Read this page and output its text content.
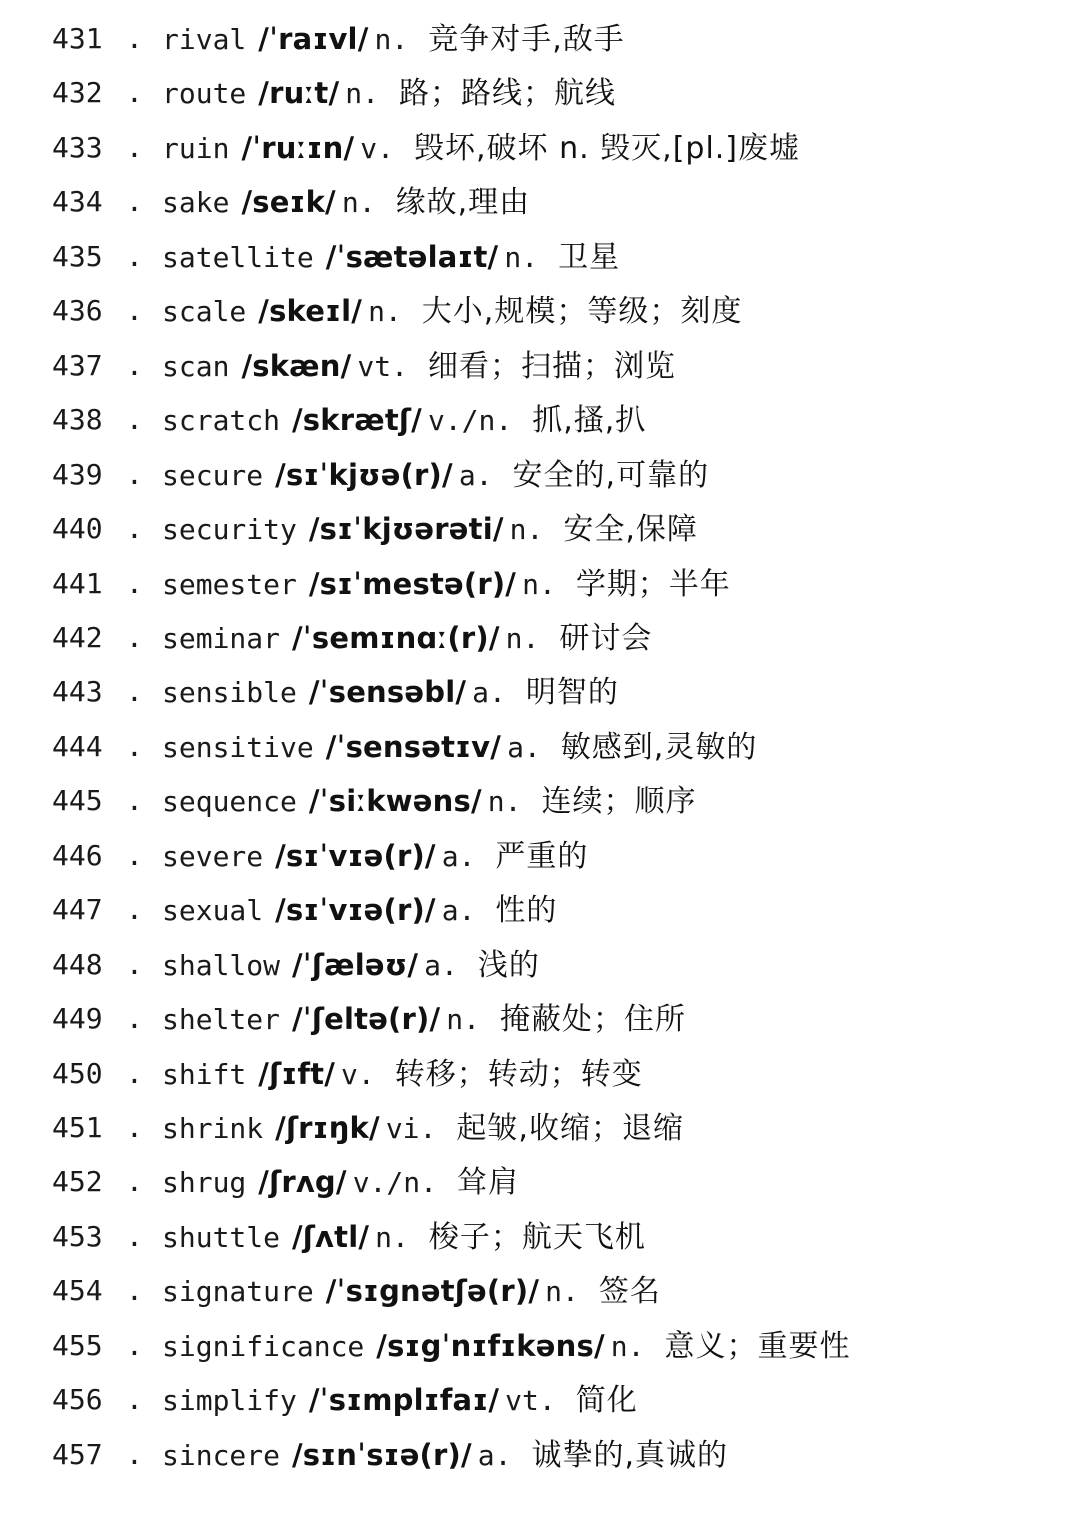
431 . rival /ˈraɪvl/ n. 竞争对手,敌手
432 . route /ruːt/ n. 路；路线；航线
433 . ruin /ˈruːɪn/ v. 毁坏,破坏 n. 毁灭,[pl.]废墟
434 . sake /seɪk/ n. 缘故,理由
435 . satellite /ˈsætəlaɪt/ n. 卫星
436 . scale /skeɪl/ n. 大小,规模；等级；刻度
437 . scan /skæn/ vt. 细看；扫描；浏览
438 . scratch /skrætʃ/ v./n. 抓,搔,扒
439 . secure /sɪˈkjʊə(r)/ a. 安全的,可靠的
440 . security /sɪˈkjʊərəti/ n. 安全,保障
441 . semester /sɪˈmestə(r)/ n. 学期；半年
442 . seminar /ˈsemɪnɑː(r)/ n. 研讨会
443 . sensible /ˈsensəbl/ a. 明智的
444 . sensitive /ˈsensətɪv/ a. 敏感到,灵敏的
445 . sequence /ˈsiːkwəns/ n. 连续；顺序
446 . severe /sɪˈvɪə(r)/ a. 严重的
447 . sexual /sɪˈvɪə(r)/ a. 性的
448 . shallow /ˈʃæləʊ/ a. 浅的
449 . shelter /ˈʃeltə(r)/ n. 掩蔽处；住所
450 . shift /ʃɪft/ v. 转移；转动；转变
451 . shrink /ʃrɪŋk/ vi. 起皱,收缩；退缩
452 . shrug /ʃrʌg/ v./n. 耸肩
453 . shuttle /ʃʌtl/ n. 梭子；航天飞机
454 . signature /ˈsɪgnətʃə(r)/ n. 签名
455 . significance /sɪgˈnɪfɪkəns/ n. 意义；重要性
456 . simplify /ˈsɪmplɪfaɪ/ vt. 简化
457 . sincere /sɪnˈsɪə(r)/ a. 诚挚的,真诚的
